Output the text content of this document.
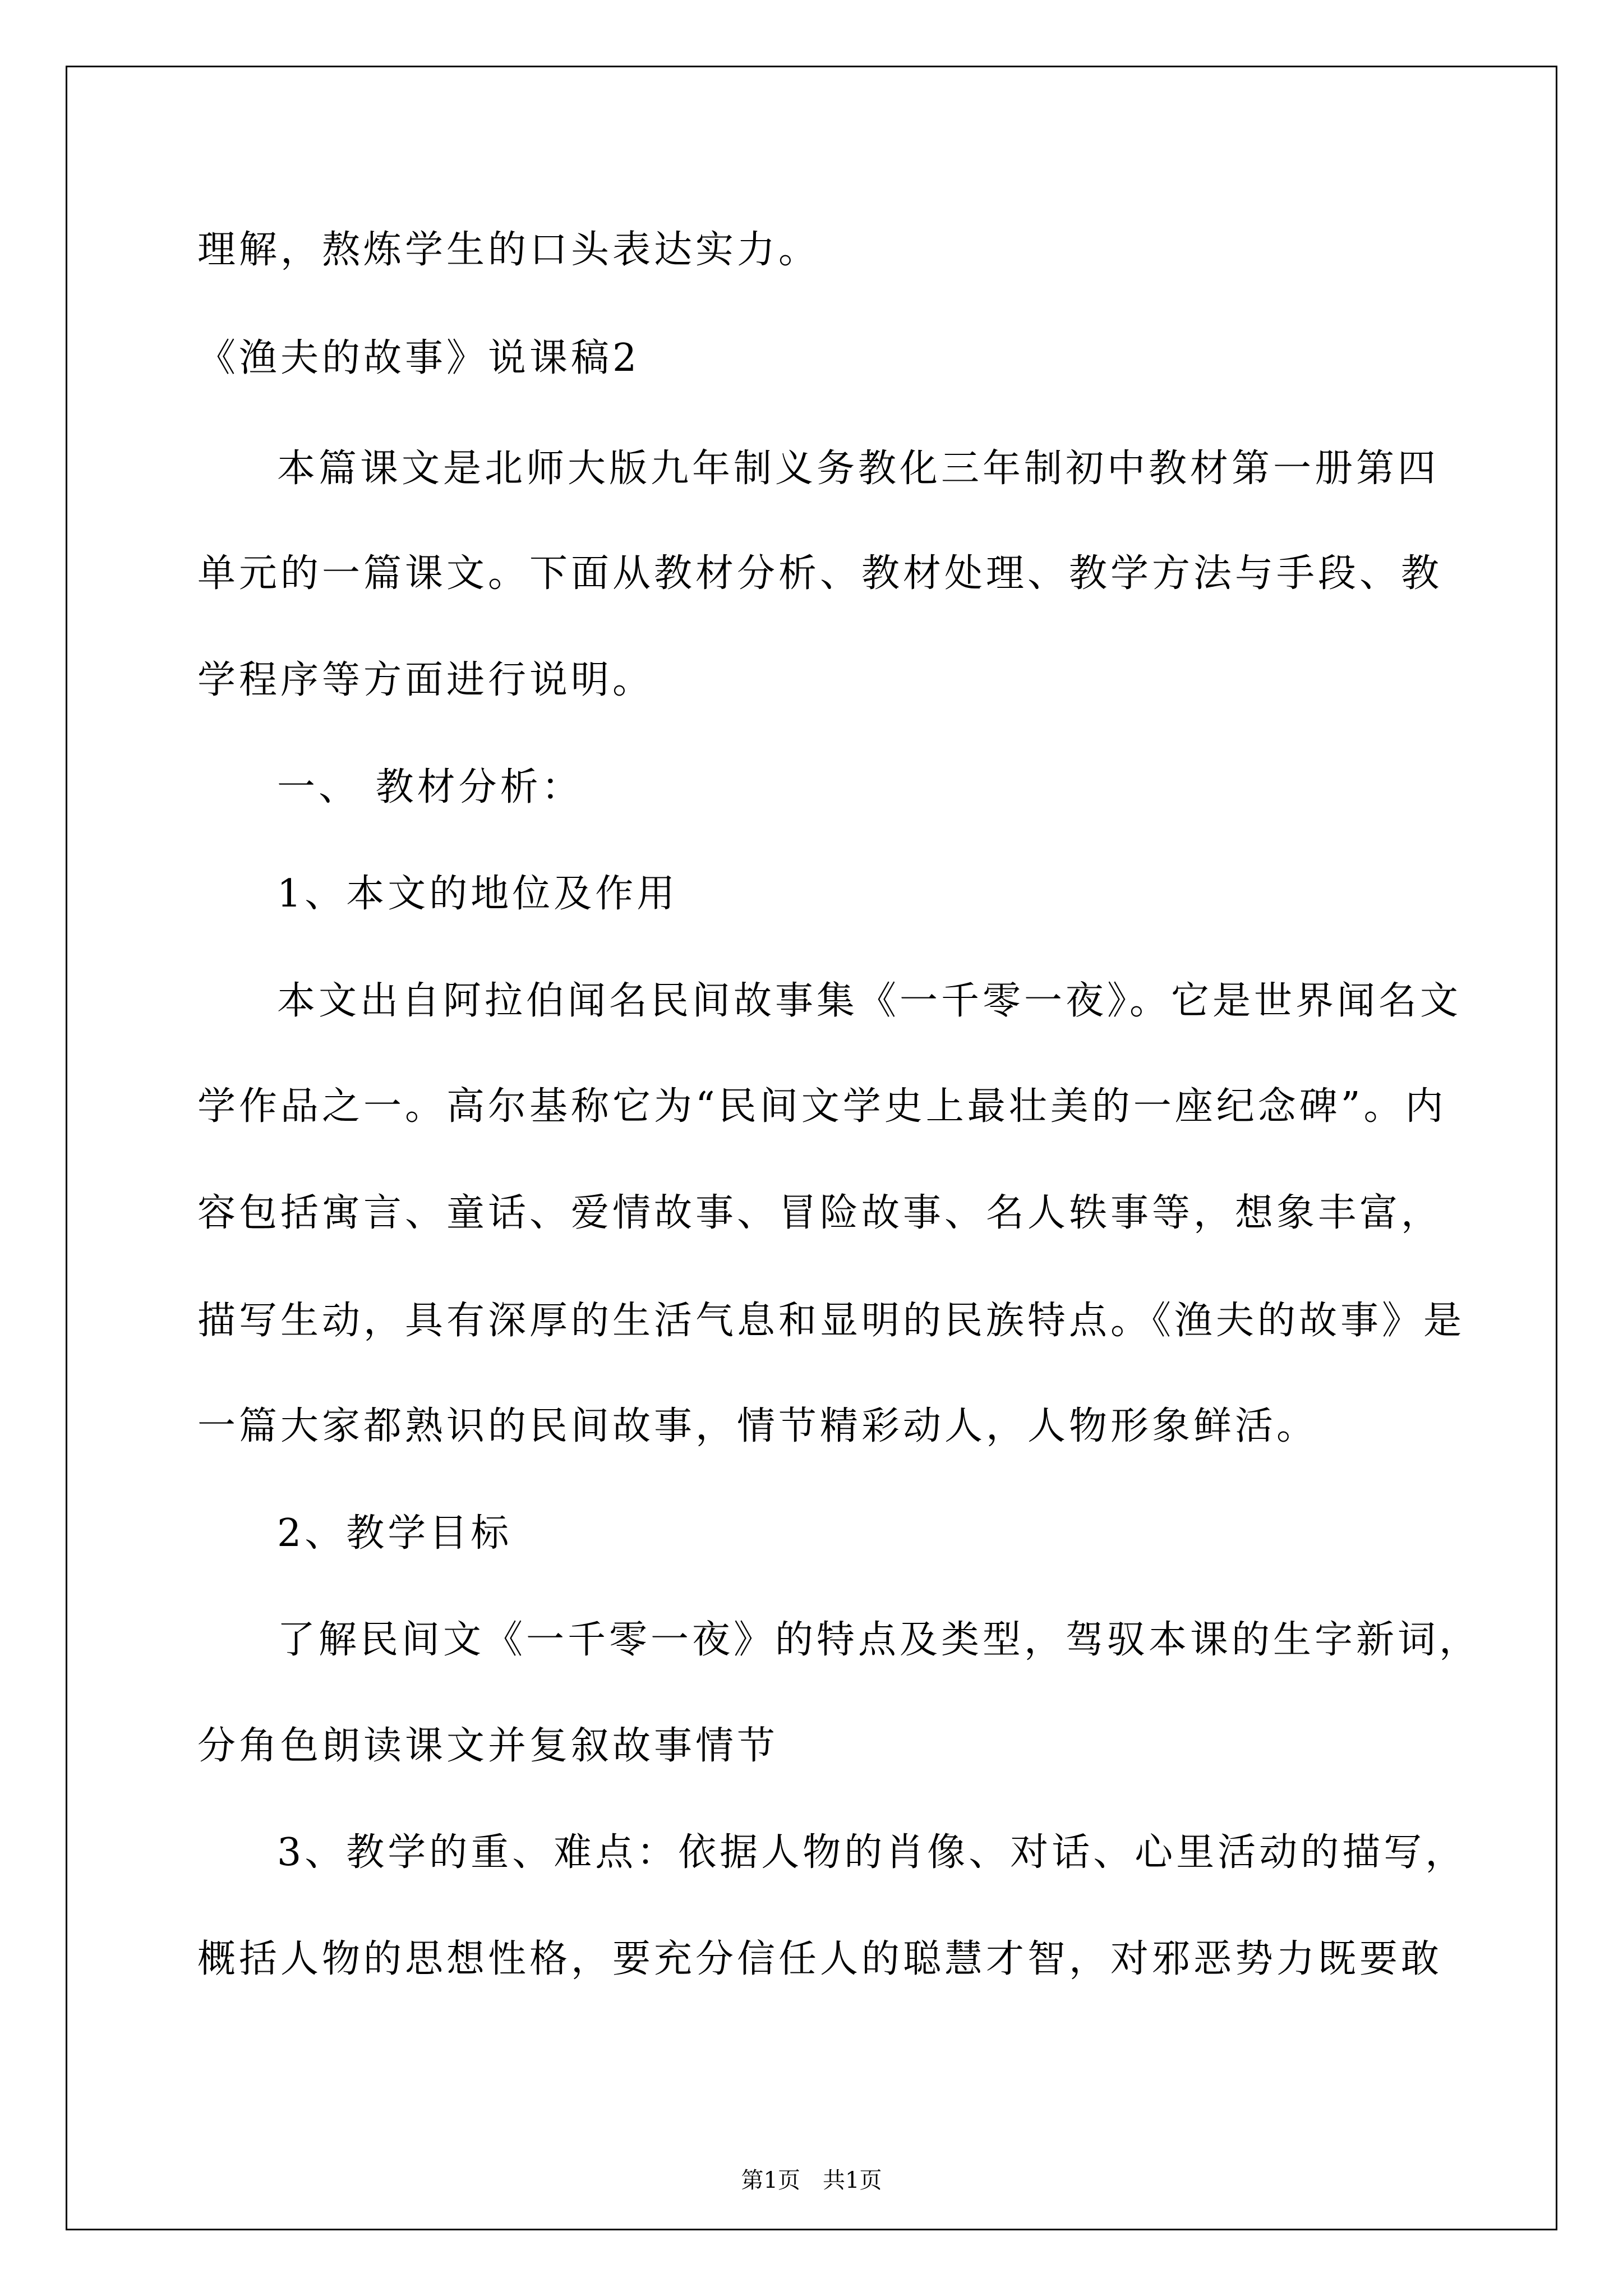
理解，熬炼学生的口头表达实力。
《渔夫的故事》说课稿2
本篇课文是北师大版九年制义务教化三年制初中教材第一册第四
单元的一篇课文。下面从教材分析、教材处理、教学方法与手段、教
学程序等方面进行说明。
一、 教材分析：
1、本文的地位及作用
本文出自阿拉伯闻名民间故事集《一千零一夜》。它是世界闻名文
学作品之一。高尔基称它为“民间文学史上最壮美的一座纪念碑”。内
容包括寓言、童话、爱情故事、冒险故事、名人轶事等，想象丰富，
描写生动，具有深厚的生活气息和显明的民族特点。《渔夫的故事》是
一篇大家都熟识的民间故事，情节精彩动人，人物形象鲜活。
2、教学目标
了解民间文《一千零一夜》的特点及类型，驾驭本课的生字新词，
分角色朗读课文并复叙故事情节
3、教学的重、难点：依据人物的肖像、对话、心里活动的描写，
概括人物的思想性格，要充分信任人的聪慧才智，对邪恶势力既要敢
第1页 共1页
